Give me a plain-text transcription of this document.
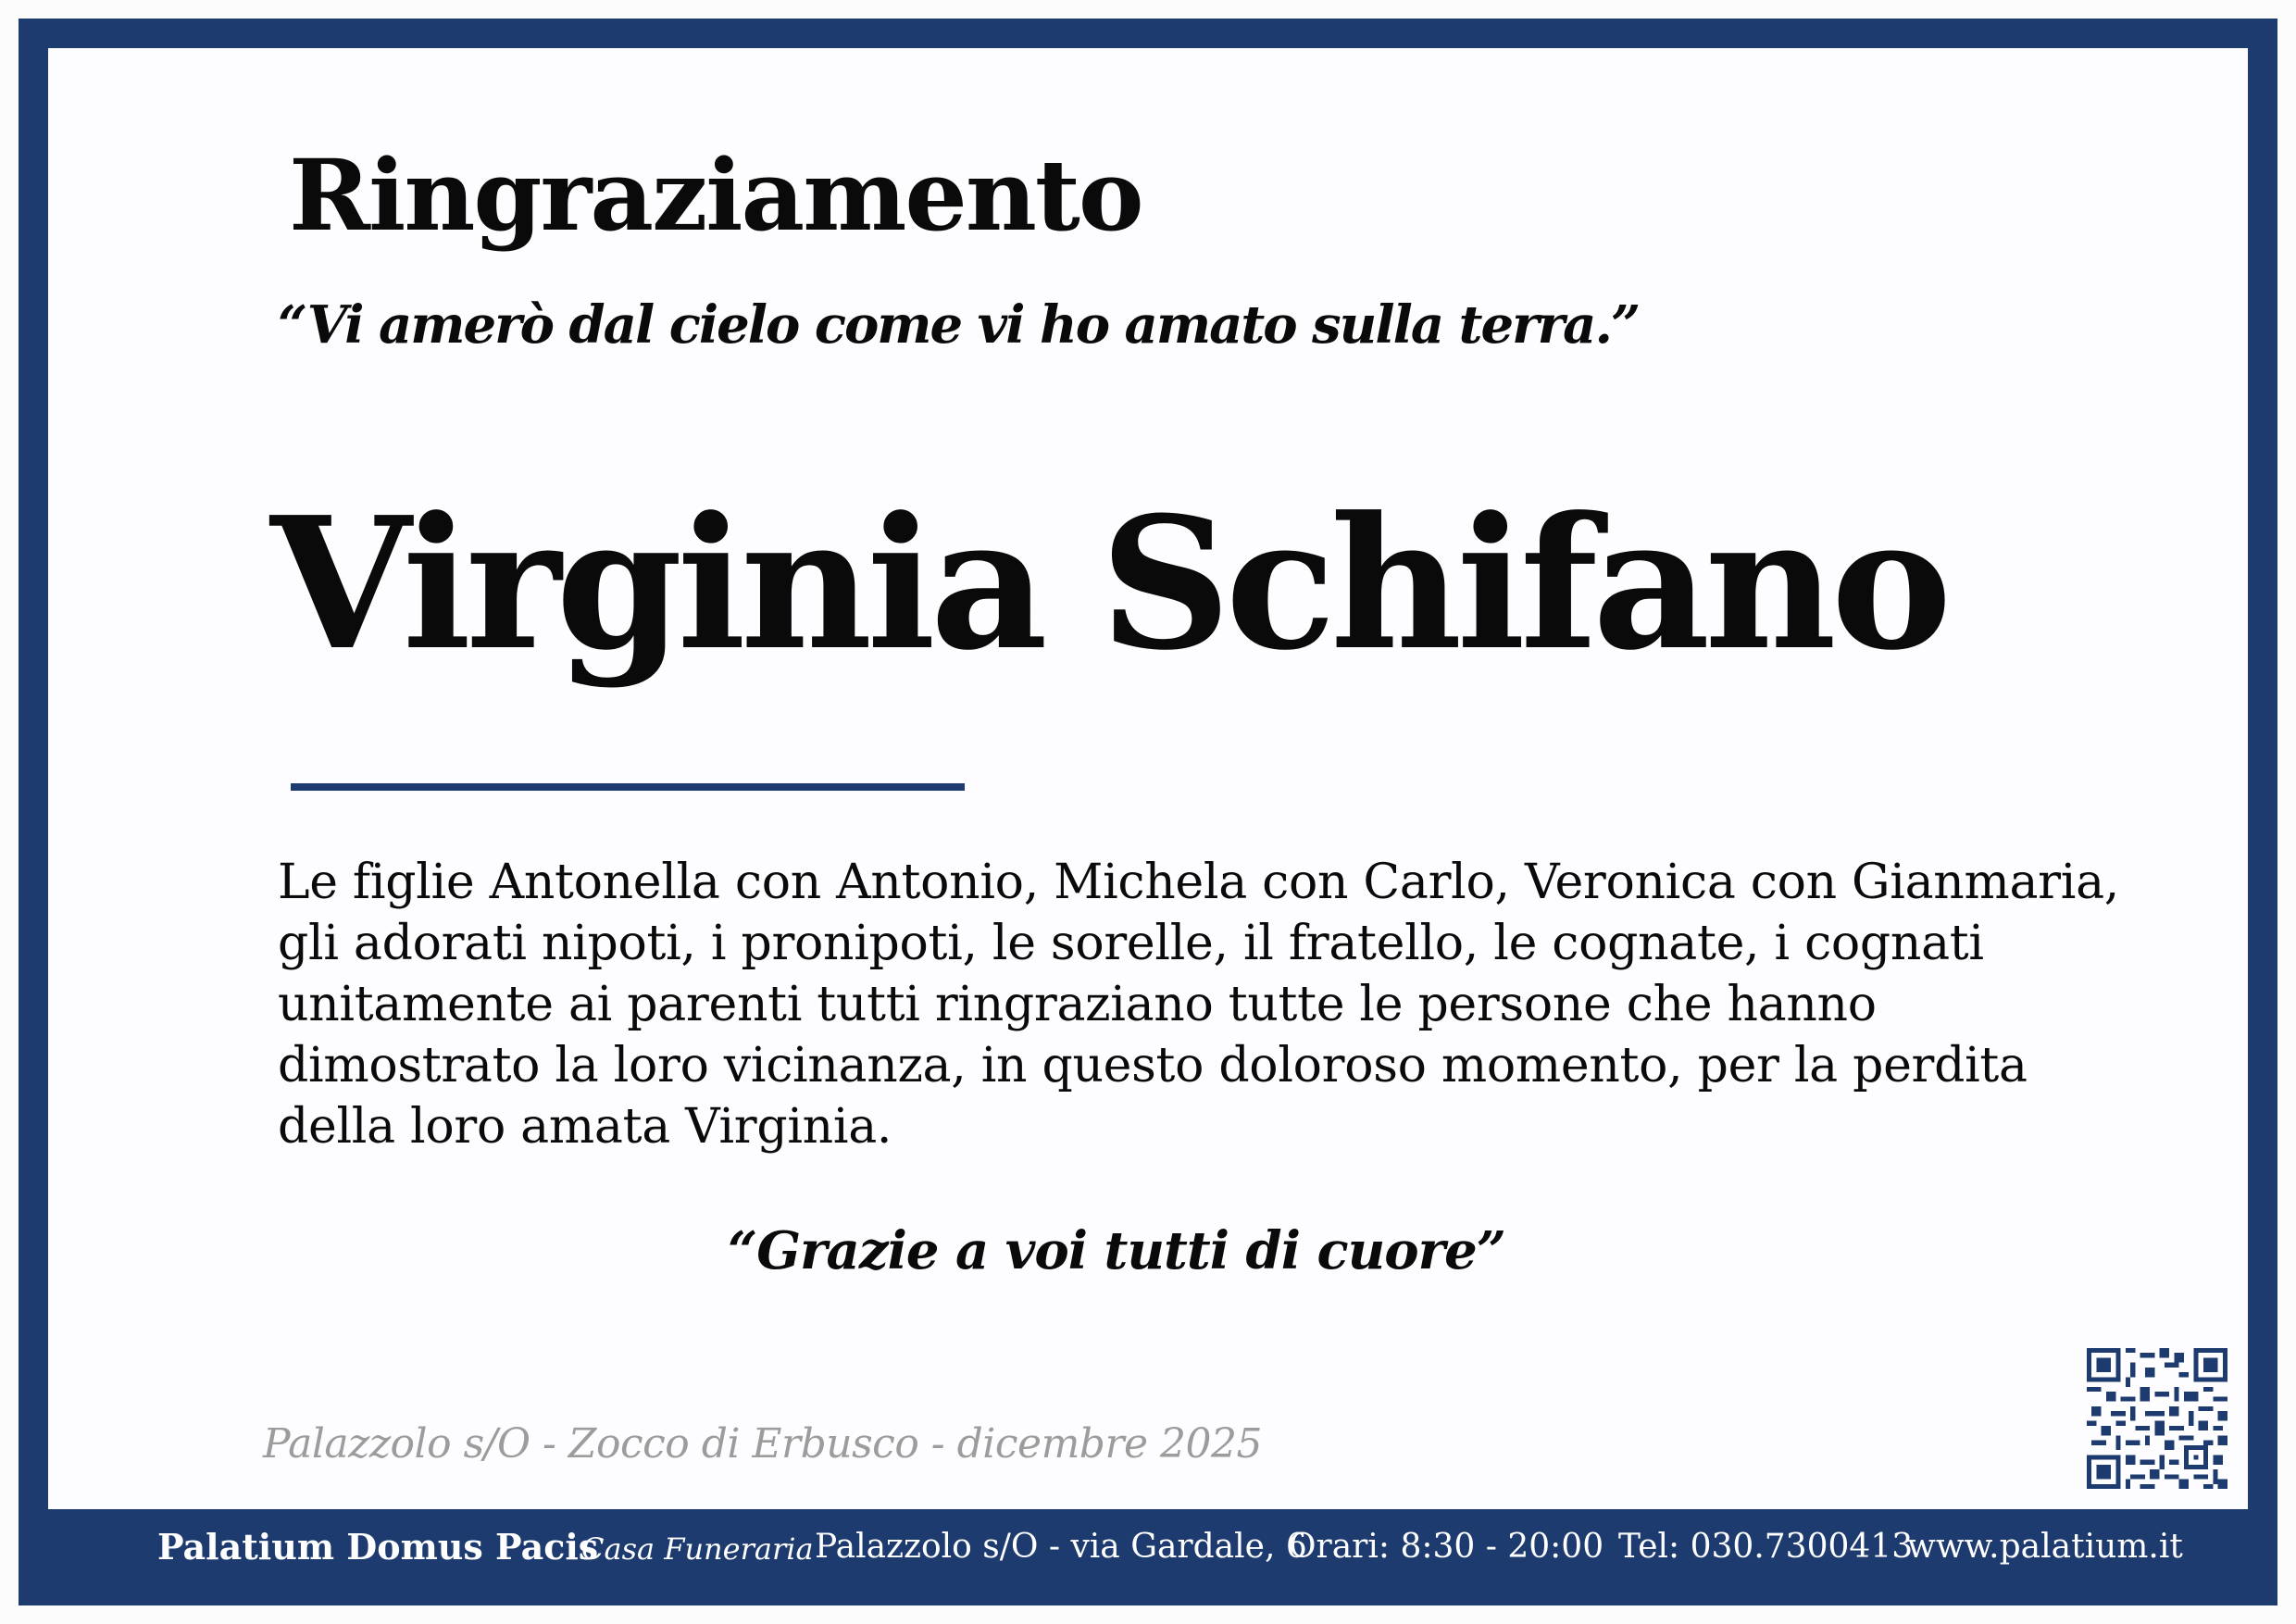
Ringraziamento
“Vi amerò dal cielo come vi ho amato sulla terra.”
Virginia Schifano

Le figlie Antonella con Antonio, Michela con Carlo, Veronica con Gianmaria,
gli adorati nipoti, i pronipoti, le sorelle, il fratello, le cognate, i cognati
unitamente ai parenti tutti ringraziano tutte le persone che hanno
dimostrato la loro vicinanza, in questo doloroso momento, per la perdita
della loro amata Virginia.

“Grazie a voi tutti di cuore”
Palazzolo s/O - Zocco di Erbusco - dicembre 2025
Palatium Domus Pacis
Casa Funeraria Palazzolo s/O - via Gardale, 6
Orari: 8:30 - 20:00 Tel: 030.7300413
www.palatium.it
